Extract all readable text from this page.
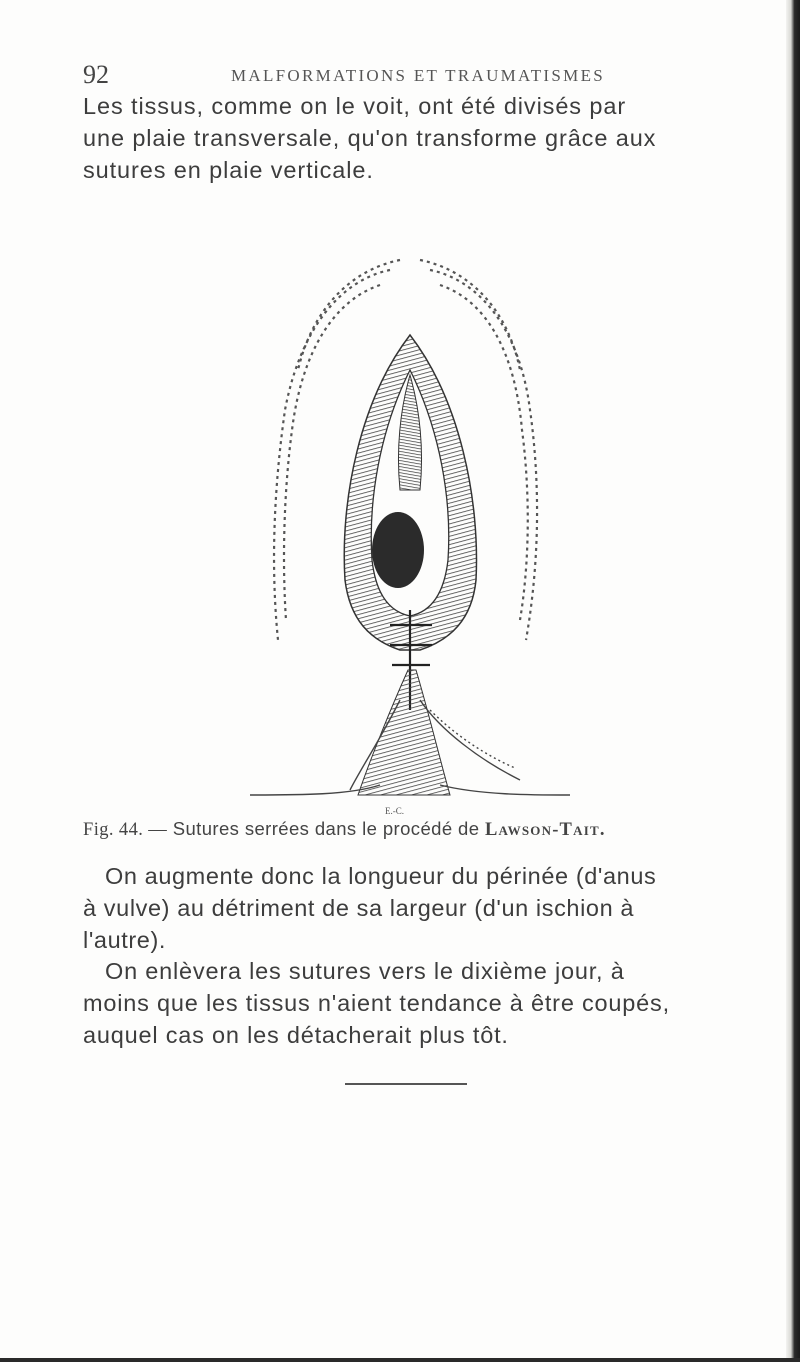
92	MALFORMATIONS ET TRAUMATISMES

Les tissus, comme on le voit, ont été divisés par
une plaie transversale, qu'on transforme grâce aux
sutures en plaie verticale.

E.-C.
Fig. 44. — Sutures serrées dans le procédé de Lawson-Tait.

On augmente donc la longueur du périnée (d'anus
à vulve) au détriment de sa largeur (d'un ischion à
l'autre).

On enlèvera les sutures vers le dixième jour, à
moins que les tissus n'aient tendance à être coupés,
auquel cas on les détacherait plus tôt.
